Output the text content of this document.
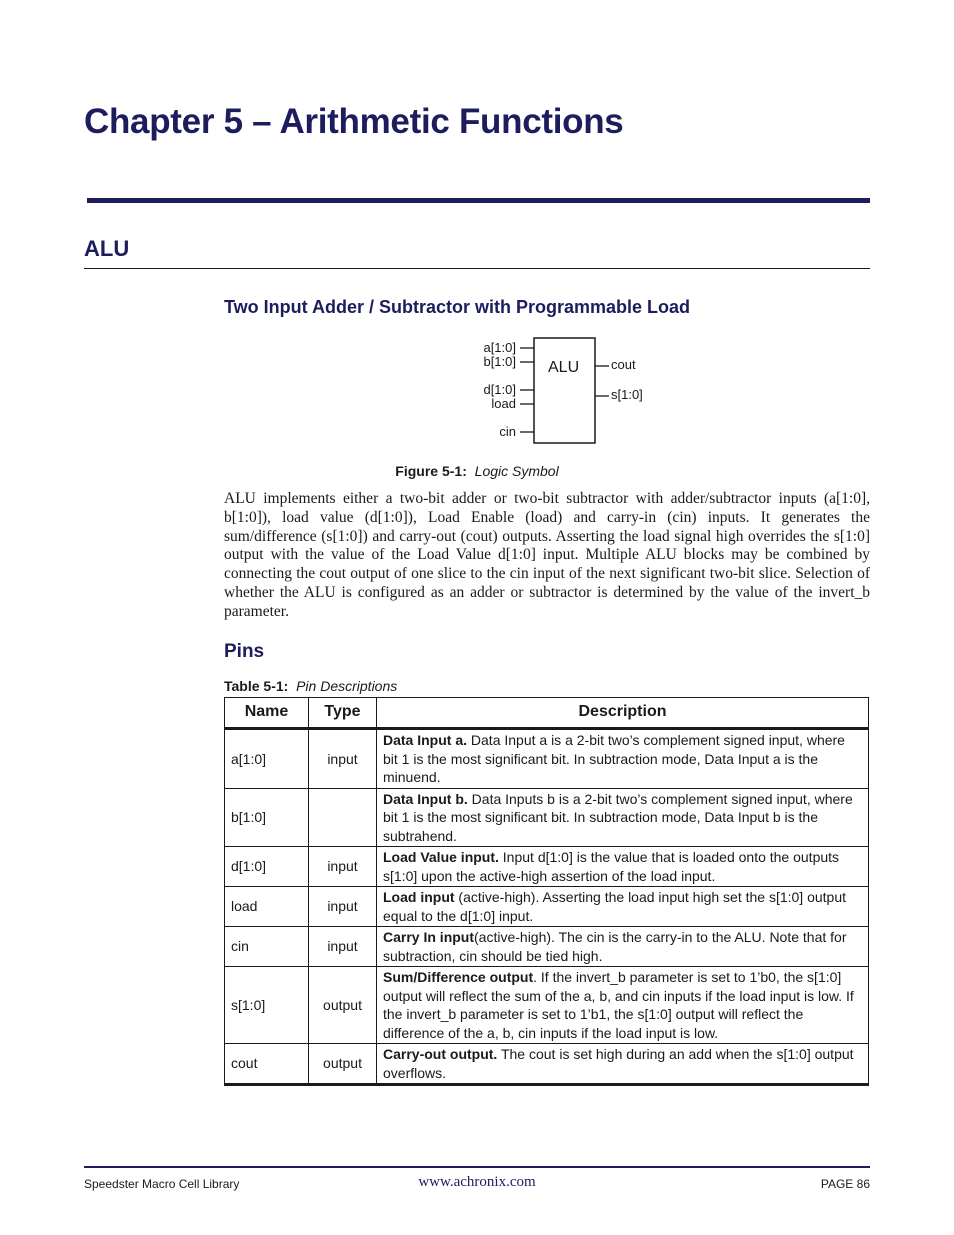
Chapter 5 – Arithmetic Functions
ALU
Two Input Adder / Subtractor with Programmable Load
ALU
a[1:0]
b[1:0]
d[1:0]
load
cin
cout
s[1:0]
Figure 5-1: Logic Symbol

ALU implements either a two-bit adder or two-bit subtractor with adder/subtractor inputs (a[1:0], b[1:0]), load value (d[1:0]), Load Enable (load) and carry-in (cin) inputs. It generates the sum/difference (s[1:0]) and carry-out (cout) outputs. Asserting the load signal high overrides the s[1:0] output with the value of the Load Value d[1:0] input. Multiple ALU blocks may be combined by connecting the cout output of one slice to the cin input of the next significant two-bit slice. Selection of whether the ALU is configured as an adder or subtractor is determined by the value of the invert_b parameter.

Pins
Table 5-1: Pin Descriptions
Name	Type	Description
a[1:0]	input	Data Input a. Data Input a is a 2-bit two’s complement signed input, where bit 1 is the most significant bit. In subtraction mode, Data Input a is the minuend.
b[1:0]		Data Input b. Data Inputs b is a 2-bit two’s complement signed input, where bit 1 is the most significant bit. In subtraction mode, Data Input b is the subtrahend.
d[1:0]	input	Load Value input. Input d[1:0] is the value that is loaded onto the outputs s[1:0] upon the active-high assertion of the load input.
load	input	Load input (active-high). Asserting the load input high set the s[1:0] output equal to the d[1:0] input.
cin	input	Carry In input(active-high). The cin is the carry-in to the ALU. Note that for subtraction, cin should be tied high.
s[1:0]	output	Sum/Difference output. If the invert_b parameter is set to 1’b0, the s[1:0] output will reflect the sum of the a, b, and cin inputs if the load input is low. If the invert_b parameter is set to 1’b1, the s[1:0] output will reflect the difference of the a, b, cin inputs if the load input is low.
cout	output	Carry-out output. The cout is set high during an add when the s[1:0] output overflows.
Speedster Macro Cell Library	www.achronix.com	PAGE 86
